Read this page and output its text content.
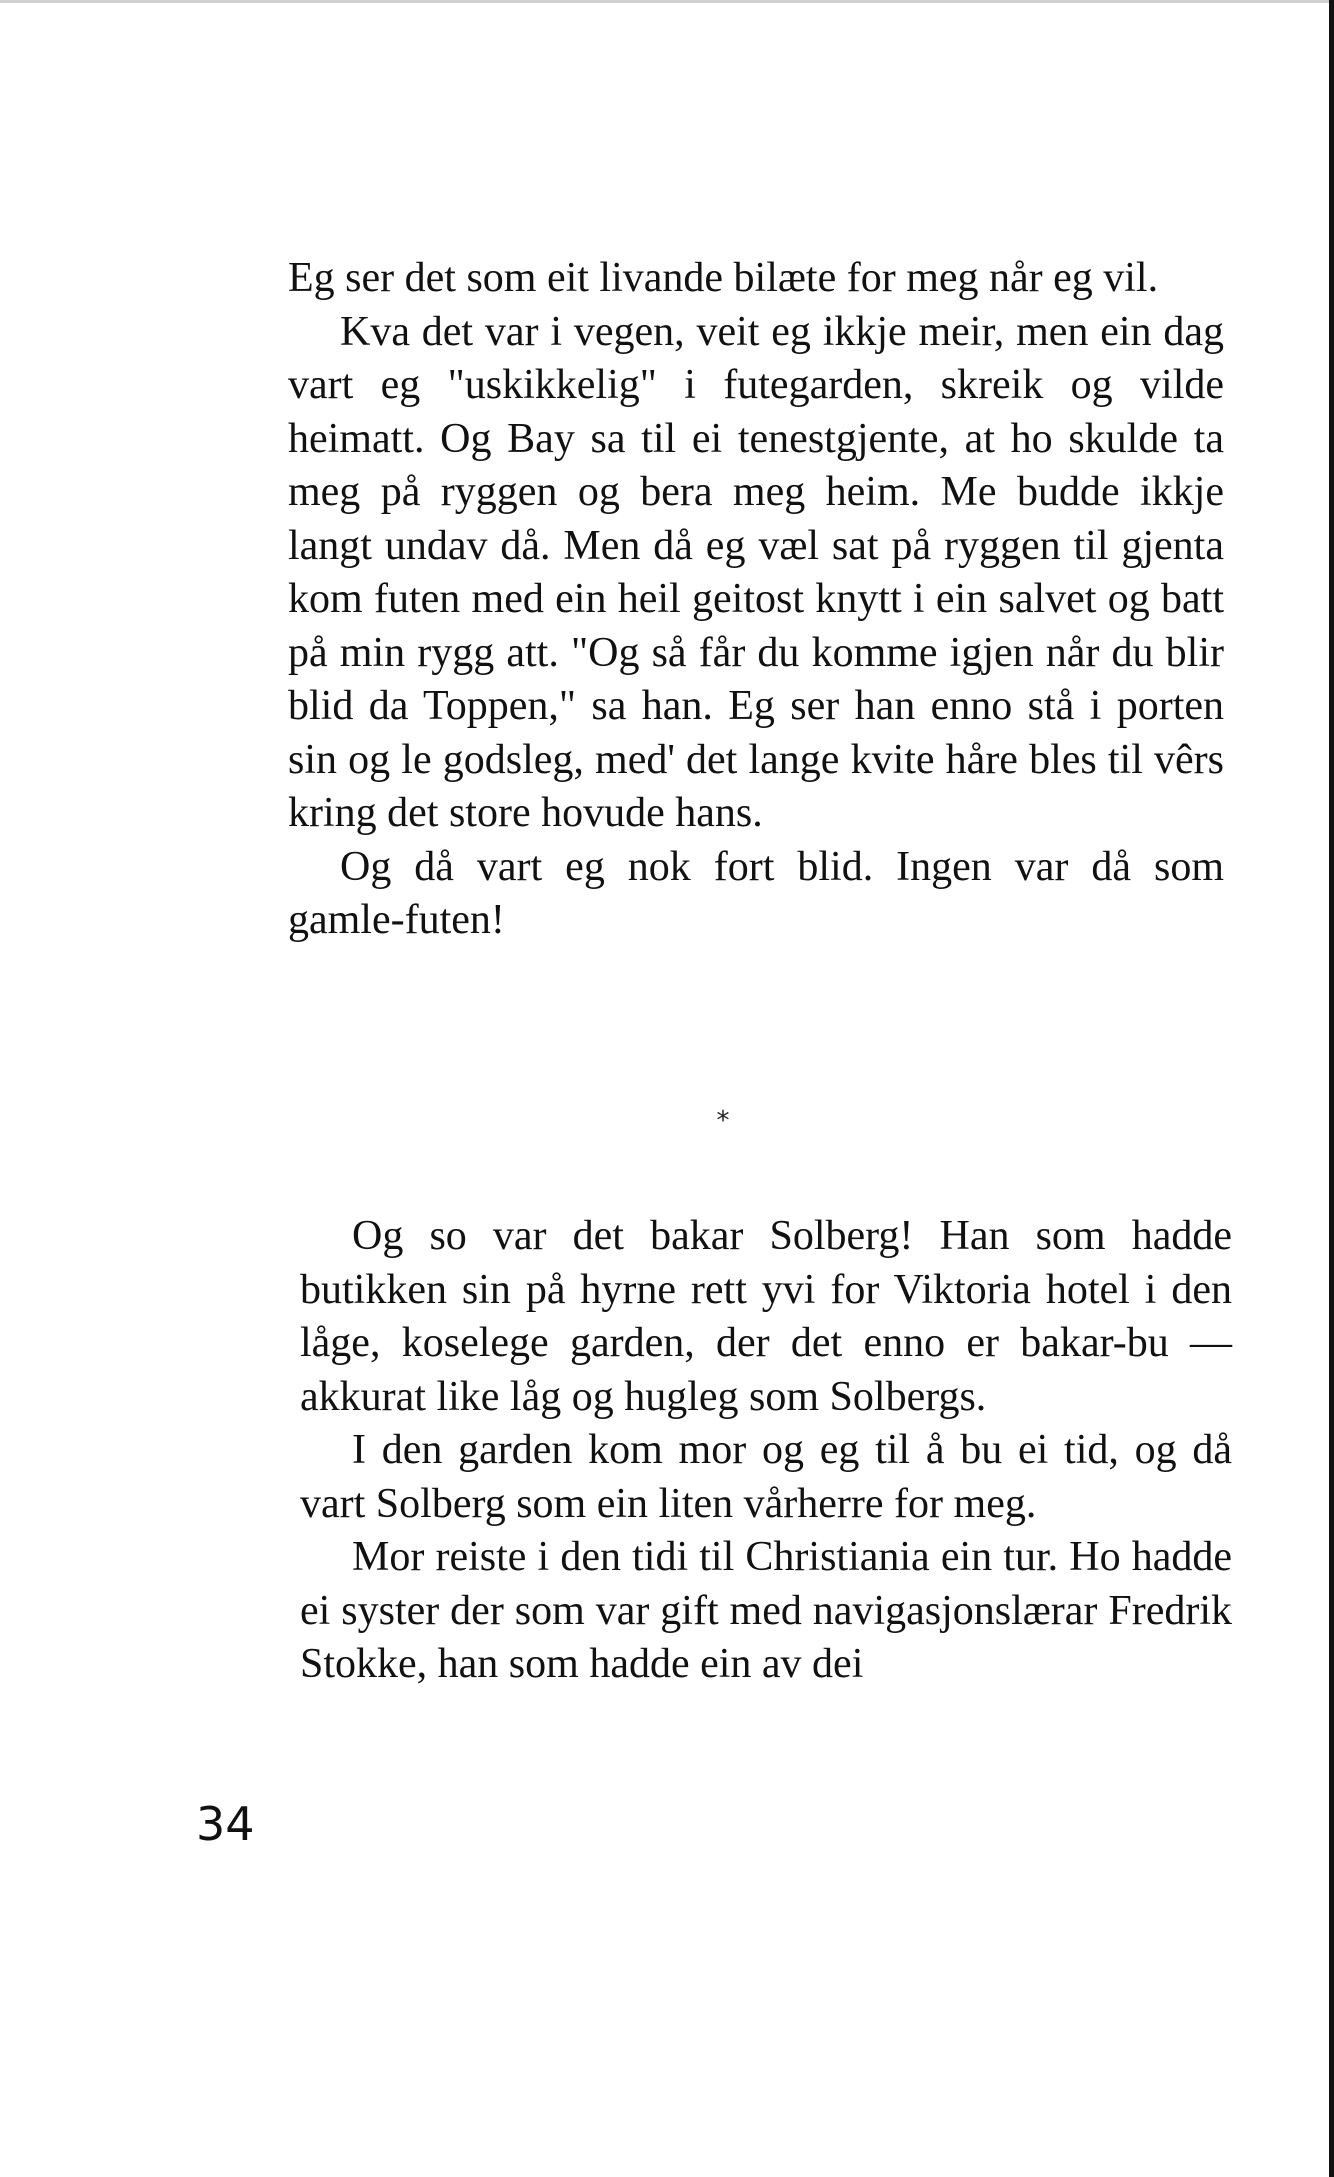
Eg ser det som eit livande bilæte for meg når eg vil.

Kva det var i vegen, veit eg ikkje meir, men ein dag vart eg "uskikkelig" i futegarden, skreik og vilde heimatt. Og Bay sa til ei tenestgjente, at ho skulde ta meg på ryggen og bera meg heim. Me budde ikkje langt undav då. Men då eg væl sat på ryggen til gjenta kom futen med ein heil geitost knytt i ein salvet og batt på min rygg att. "Og så får du komme igjen når du blir blid da Toppen," sa han. Eg ser han enno stå i porten sin og le godsleg, med' det lange kvite håre bles til vêrs kring det store hovude hans.

Og då vart eg nok fort blid. Ingen var då som gamle-futen!

*

Og so var det bakar Solberg! Han som hadde butikken sin på hyrne rett yvi for Viktoria hotel i den låge, koselege garden, der det enno er bakar-bu — akkurat like låg og hugleg som Solbergs.

I den garden kom mor og eg til å bu ei tid, og då vart Solberg som ein liten vårherre for meg.

Mor reiste i den tidi til Christiania ein tur. Ho hadde ei syster der som var gift med navigasjonslærar Fredrik Stokke, han som hadde ein av dei

34
